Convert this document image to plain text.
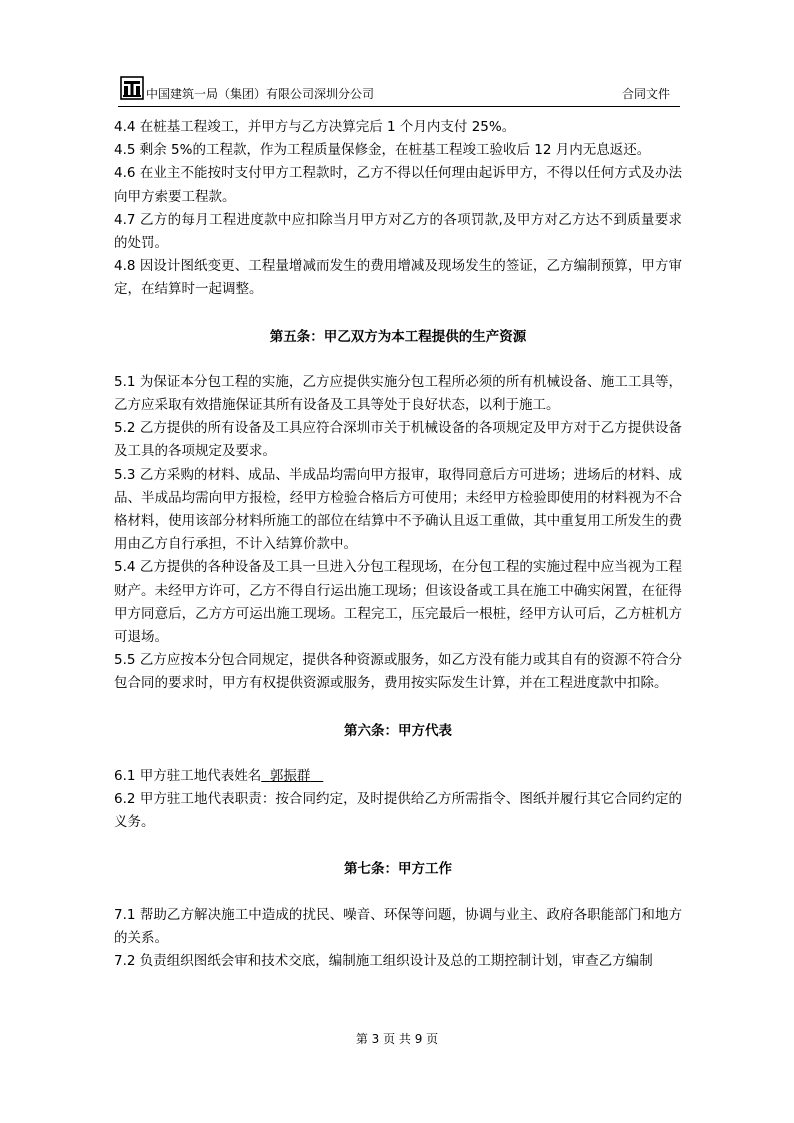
中国建筑一局（集团）有限公司深圳分公司	合同文件

4.4 在桩基工程竣工，并甲方与乙方决算完后 1 个月内支付 25%。

4.5 剩余 5%的工程款，作为工程质量保修金，在桩基工程竣工验收后 12 月内无息返还。

4.6 在业主不能按时支付甲方工程款时，乙方不得以任何理由起诉甲方，不得以任何方式及办法向甲方索要工程款。

4.7 乙方的每月工程进度款中应扣除当月甲方对乙方的各项罚款,及甲方对乙方达不到质量要求的处罚。

4.8 因设计图纸变更、工程量增减而发生的费用增减及现场发生的签证，乙方编制预算，甲方审定，在结算时一起调整。

第五条：甲乙双方为本工程提供的生产资源

5.1 为保证本分包工程的实施，乙方应提供实施分包工程所必须的所有机械设备、施工工具等，乙方应采取有效措施保证其所有设备及工具等处于良好状态，以利于施工。

5.2 乙方提供的所有设备及工具应符合深圳市关于机械设备的各项规定及甲方对于乙方提供设备及工具的各项规定及要求。

5.3 乙方采购的材料、成品、半成品均需向甲方报审，取得同意后方可进场；进场后的材料、成品、半成品均需向甲方报检，经甲方检验合格后方可使用；未经甲方检验即使用的材料视为不合格材料，使用该部分材料所施工的部位在结算中不予确认且返工重做，其中重复用工所发生的费用由乙方自行承担，不计入结算价款中。

5.4 乙方提供的各种设备及工具一旦进入分包工程现场，在分包工程的实施过程中应当视为工程财产。未经甲方许可，乙方不得自行运出施工现场；但该设备或工具在施工中确实闲置，在征得甲方同意后，乙方方可运出施工现场。工程完工，压完最后一根桩，经甲方认可后，乙方桩机方可退场。

5.5 乙方应按本分包合同规定，提供各种资源或服务，如乙方没有能力或其自有的资源不符合分包合同的要求时，甲方有权提供资源或服务，费用按实际发生计算，并在工程进度款中扣除。

第六条：甲方代表

6.1 甲方驻工地代表姓名 郭振群

6.2 甲方驻工地代表职责：按合同约定，及时提供给乙方所需指令、图纸并履行其它合同约定的义务。

第七条：甲方工作

7.1 帮助乙方解决施工中造成的扰民、噪音、环保等问题，协调与业主、政府各职能部门和地方的关系。

7.2 负责组织图纸会审和技术交底，编制施工组织设计及总的工期控制计划，审查乙方编制

第 3 页 共 9 页
